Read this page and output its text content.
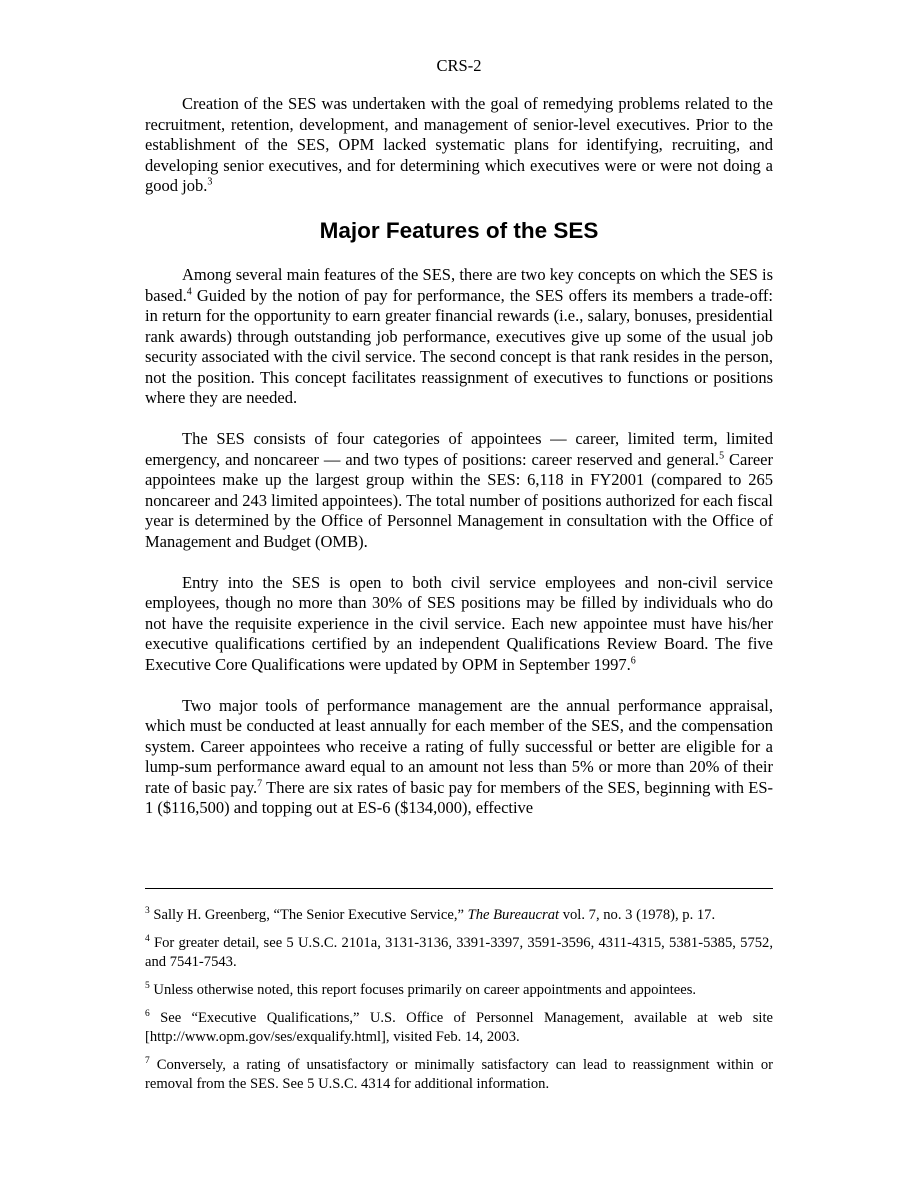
CRS-2

Creation of the SES was undertaken with the goal of remedying problems related to the recruitment, retention, development, and management of senior-level executives. Prior to the establishment of the SES, OPM lacked systematic plans for identifying, recruiting, and developing senior executives, and for determining which executives were or were not doing a good job.$^3$

Major Features of the SES

Among several main features of the SES, there are two key concepts on which the SES is based.$^4$ Guided by the notion of pay for performance, the SES offers its members a trade-off: in return for the opportunity to earn greater financial rewards (i.e., salary, bonuses, presidential rank awards) through outstanding job performance, executives give up some of the usual job security associated with the civil service. The second concept is that rank resides in the person, not the position. This concept facilitates reassignment of executives to functions or positions where they are needed.

The SES consists of four categories of appointees — career, limited term, limited emergency, and noncareer — and two types of positions: career reserved and general.$^5$ Career appointees make up the largest group within the SES: 6,118 in FY2001 (compared to 265 noncareer and 243 limited appointees). The total number of positions authorized for each fiscal year is determined by the Office of Personnel Management in consultation with the Office of Management and Budget (OMB).

Entry into the SES is open to both civil service employees and non-civil service employees, though no more than 30% of SES positions may be filled by individuals who do not have the requisite experience in the civil service. Each new appointee must have his/her executive qualifications certified by an independent Qualifications Review Board. The five Executive Core Qualifications were updated by OPM in September 1997.$^6$

Two major tools of performance management are the annual performance appraisal, which must be conducted at least annually for each member of the SES, and the compensation system. Career appointees who receive a rating of fully successful or better are eligible for a lump-sum performance award equal to an amount not less than 5% or more than 20% of their rate of basic pay.$^7$ There are six rates of basic pay for members of the SES, beginning with ES-1 ($116,500) and topping out at ES-6 ($134,000), effective

$^3$ Sally H. Greenberg, “The Senior Executive Service,” The Bureaucrat vol. 7, no. 3 (1978), p. 17.

$^4$ For greater detail, see 5 U.S.C. 2101a, 3131-3136, 3391-3397, 3591-3596, 4311-4315, 5381-5385, 5752, and 7541-7543.

$^5$ Unless otherwise noted, this report focuses primarily on career appointments and appointees.

$^6$ See “Executive Qualifications,” U.S. Office of Personnel Management, available at web site [http://www.opm.gov/ses/exqualify.html], visited Feb. 14, 2003.

$^7$ Conversely, a rating of unsatisfactory or minimally satisfactory can lead to reassignment within or removal from the SES. See 5 U.S.C. 4314 for additional information.
